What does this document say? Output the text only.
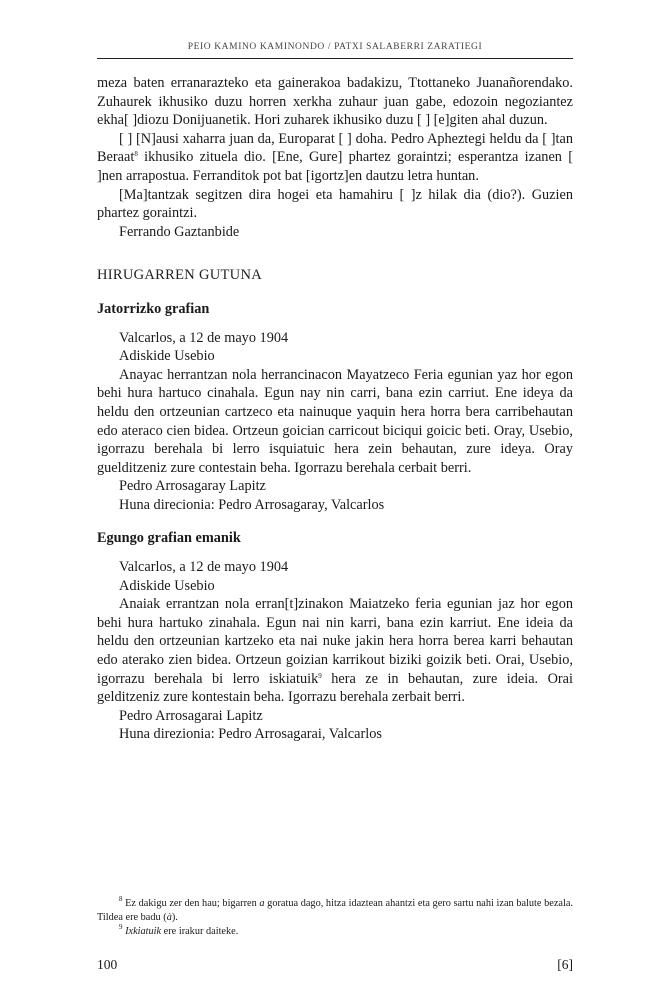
PEIO KAMINO KAMINONDO / PATXI SALABERRI ZARATIEGI

meza baten erranarazteko eta gainerakoa badakizu, Ttottaneko Juanañorendako. Zuhaurek ikhusiko duzu horren xerkha zuhaur juan gabe, edozoin negoziantez ekha[ ]diozu Donijuanetik. Hori zuharek ikhusiko duzu [ ] [e]giten ahal duzun.

[ ] [N]ausi xaharra juan da, Europarat [ ] doha. Pedro Apheztegi heldu da [ ]tan Beraat$^8$ ikhusiko zituela dio. [Ene, Gure] phartez goraintzi; esperantza izanen [ ]nen arrapostua. Ferranditok pot bat [igortz]en dautzu letra huntan.

[Ma]tantzak segitzen dira hogei eta hamahiru [ ]z hilak dia (dio?). Guzien phartez goraintzi.

Ferrando Gaztanbide

HIRUGARREN GUTUNA

Jatorrizko grafian

Valcarlos, a 12 de mayo 1904

Adiskide Usebio

Anayac herrantzan nola herrancinacon Mayatzeco Feria egunian yaz hor egon behi hura hartuco cinahala. Egun nay nin carri, bana ezin carriut. Ene ideya da heldu den ortzeunian cartzeco eta nainuque yaquin hera horra bera carribehautan edo ateraco cien bidea. Ortzeun goician carricout biciqui goicic beti. Oray, Usebio, igorrazu berehala bi lerro isquiatuic hera zein behautan, zure ideya. Oray guelditzeniz zure contestain beha. Igorrazu berehala cerbait berri.

Pedro Arrosagaray Lapitz

Huna direcionia: Pedro Arrosagaray, Valcarlos

Egungo grafian emanik

Valcarlos, a 12 de mayo 1904

Adiskide Usebio

Anaiak errantzan nola erran[t]zinakon Maiatzeko feria egunian jaz hor egon behi hura hartuko zinahala. Egun nai nin karri, bana ezin karriut. Ene ideia da heldu den ortzeunian kartzeko eta nai nuke jakin hera horra berea karri behautan edo aterako zien bidea. Ortzeun goizian karrikout biziki goizik beti. Orai, Usebio, igorrazu berehala bi lerro iskiatuik$^9$ hera ze in behautan, zure ideia. Orai gelditzeniz zure kontestain beha. Igorrazu berehala zerbait berri.

Pedro Arrosagarai Lapitz

Huna direzionia: Pedro Arrosagarai, Valcarlos

$^8$ Ez dakigu zer den hau; bigarren a goratua dago, hitza idaztean ahantzi eta gero sartu nahi izan balute bezala. Tildea ere badu (à).

$^9$ Ixkiatuik ere irakur daiteke.

100	[6]
